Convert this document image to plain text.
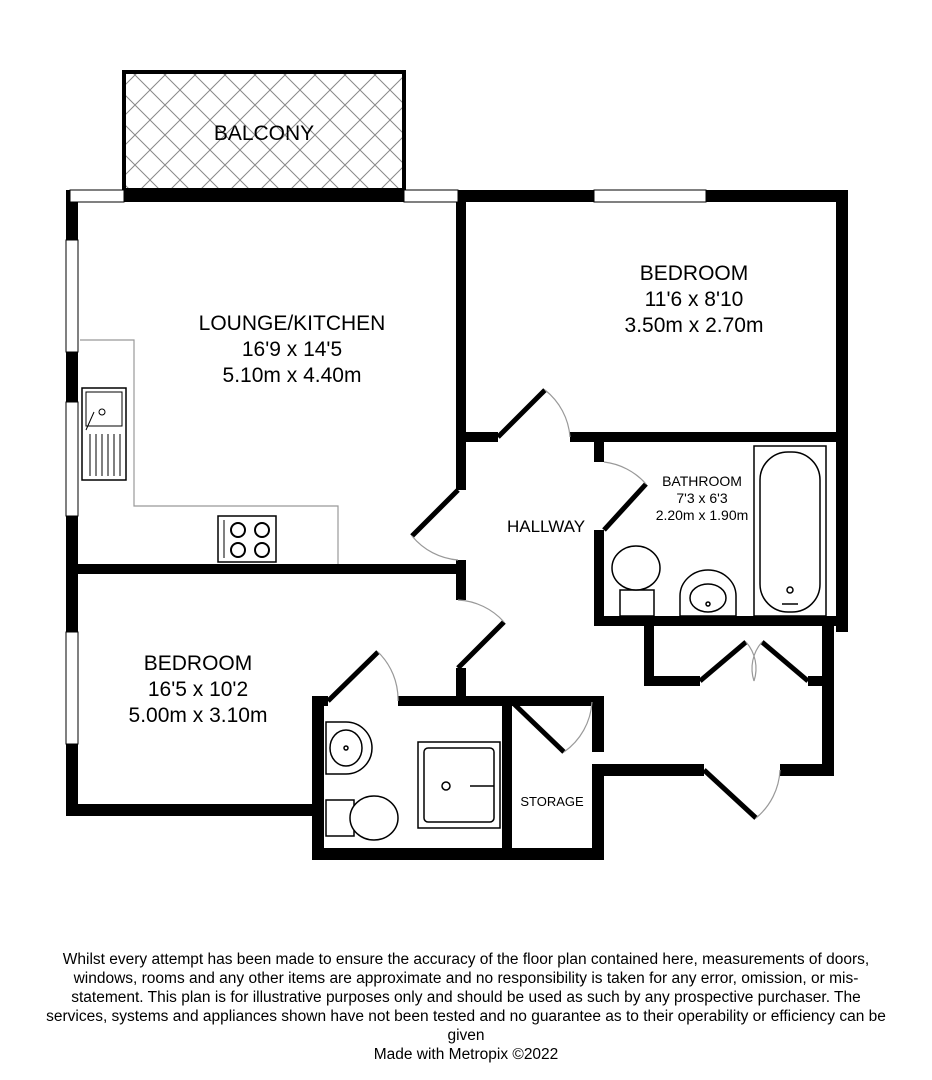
BALCONY
LOUNGE/KITCHEN
16'9 x 14'5
5.10m x 4.40m
BEDROOM
11'6 x 8'10
3.50m x 2.70m
BEDROOM
16'5 x 10'2
5.00m x 3.10m
BATHROOM
7'3 x 6'3
2.20m x 1.90m
HALLWAY
STORAGE

Whilst every attempt has been made to ensure the accuracy of the floor plan contained here, measurements of doors, windows, rooms and any other items are approximate and no responsibility is taken for any error, omission, or mis-statement. This plan is for illustrative purposes only and should be used as such by any prospective purchaser. The services, systems and appliances shown have not been tested and no guarantee as to their operability or efficiency can be given

Made with Metropix ©2022
